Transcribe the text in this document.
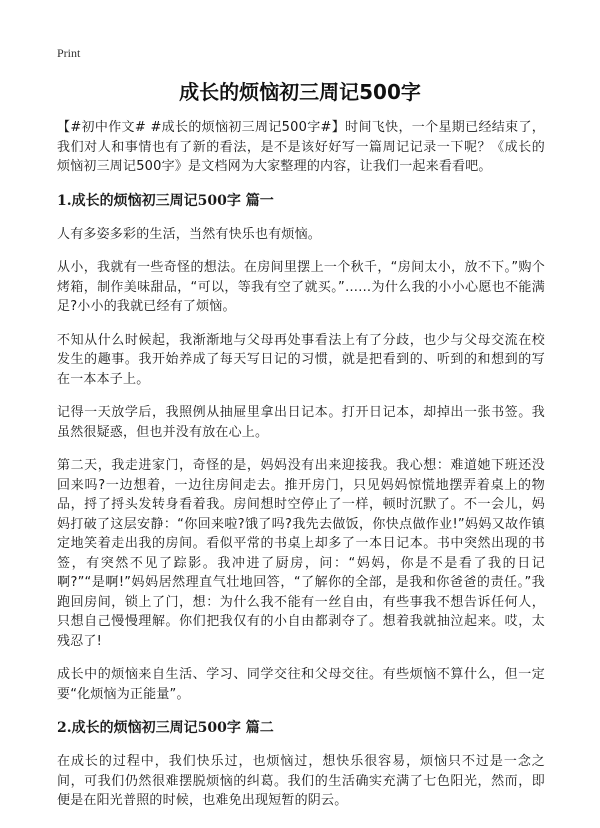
Print
成长的烦恼初三周记500字

【#初中作文# #成长的烦恼初三周记500字#】时间飞快，一个星期已经结束了，我们对人和事情也有了新的看法，是不是该好好写一篇周记记录一下呢？《成长的烦恼初三周记500字》是文档网为大家整理的内容，让我们一起来看看吧。

1.成长的烦恼初三周记500字 篇一

人有多姿多彩的生活，当然有快乐也有烦恼。

从小，我就有一些奇怪的想法。在房间里摆上一个秋千，“房间太小，放不下。”购个烤箱，制作美味甜品，“可以，等我有空了就买。”……为什么我的小小心愿也不能满足?小小的我就已经有了烦恼。

不知从什么时候起，我渐渐地与父母再处事看法上有了分歧，也少与父母交流在校发生的趣事。我开始养成了每天写日记的习惯，就是把看到的、听到的和想到的写在一本本子上。

记得一天放学后，我照例从抽屉里拿出日记本。打开日记本，却掉出一张书签。我虽然很疑惑，但也并没有放在心上。

第二天，我走进家门，奇怪的是，妈妈没有出来迎接我。我心想：难道她下班还没回来吗?一边想着，一边往房间走去。推开房门，只见妈妈惊慌地摆弄着桌上的物品，捋了捋头发转身看着我。房间想时空停止了一样，顿时沉默了。不一会儿，妈妈打破了这层安静：“你回来啦?饿了吗?我先去做饭，你快点做作业!”妈妈又故作镇定地笑着走出我的房间。看似平常的书桌上却多了一本日记本。书中突然出现的书签，有突然不见了踪影。我冲进了厨房，问：“妈妈，你是不是看了我的日记啊?”“是啊!”妈妈居然理直气壮地回答，“了解你的全部，是我和你爸爸的责任。”我跑回房间，锁上了门，想：为什么我不能有一丝自由，有些事我不想告诉任何人，只想自己慢慢理解。你们把我仅有的小自由都剥夺了。想着我就抽泣起来。哎，太残忍了!

成长中的烦恼来自生活、学习、同学交往和父母交往。有些烦恼不算什么，但一定要“化烦恼为正能量”。

2.成长的烦恼初三周记500字 篇二

在成长的过程中，我们快乐过，也烦恼过，想快乐很容易，烦恼只不过是一念之间，可我们仍然很难摆脱烦恼的纠葛。我们的生活确实充满了七色阳光，然而，即便是在阳光普照的时候，也难免出现短暂的阴云。
